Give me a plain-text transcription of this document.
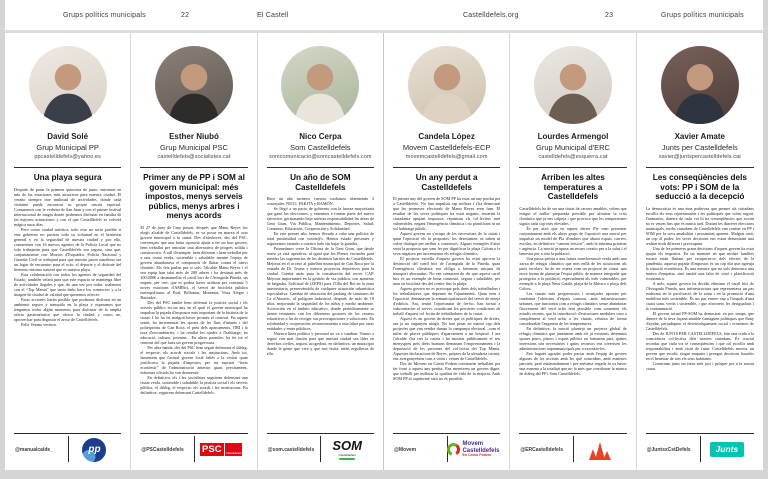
Grups polítics municipals	22	El Castell	Castelldefels.org	23	Grups polítics municipals
David Solé
Grup Municipal PP
ppcastelldefels@yahoo.es
Una playa segura

Después de pasar la primera quincena de junio, entramos en una de las estaciones más atractivas para nuestra ciudad. El verano siempre trae multitud de actividades, donde cada visitante puede encontrar su propio rincón especial. Contaremos con la verbena de San Juan y con el primer festival internacional de magia donde podremos disfrutar en familia de las mejores actuaciones y con el que Castelldefels se volverá mágica unos días.

Pero como ciudad turística, todo esto no sería posible si este gobierno no pusiera toda su voluntad en el bienestar general y en la seguridad de nuestra ciudad y por ello, contaremos con 16 nuevos agentes de la Policía Local que no solo trabajarán para que Castelldefels sea segura, sino que, conjuntamente con Mossos d'Esquadra, Policía Nacional y Guardia Civil se trabajará para que nuestro paseo marítimo sea un lugar de encuentro para el ocio, el deporte y el disfrute del hermoso entorno natural que es nuestra playa.

Esta colaboración con todos los agentes de seguridad del Estado, también velará para que este espacio se mantenga libre de actividades ilegales y que, de una vez por todas, acabemos con el “Top Manta” que tanto daño hace los comercios y a la imagen de ciudad de calidad que queremos ofrecer.

Estas acciones harán posible que podamos disfrutar en un ambiente seguro y tranquilo en la playa y esperamos que tengamos todos algún momento para disfrutar de la amplia oferta gastronómica que ofrece la ciudad y como no, aprovechar para degustar el arroz de Castelldefels.

Feliz Verano vecinos.

@manualcalde_	pp
Esther Niubó
Grup Municipal PSC
castelldefels@socialistes.cat
Primer any de PP i SOM al govern municipal: més impostos, menys serveis públics, menys arbres i menys acords

El 27 de juny de l'any passat, després que Manu Reyes fos elegit alcalde de Castelldefels, es va posar en marxa el nou govern municipal a la ciutat. Des d'aleshores, des del PSC, convençuts que una bona oposició ajuda a fer un bon govern, hem treballat per articular una alternativa de progrés sòlida i constructiva. A tall d'exemple, hem defensat i hem treballat per a una ciutat verda, sostenible i saludable mentre l'equip de govern abandonava el compromís de lluitar contra el canvi climàtic. Els fets parlen per si sols: l'alcalde Manu Reyes i el seu equip han talat més de 200 arbres i ha destinat més de 100.000€ a desmantellar el carril bici de l'Avinguda Pineda, un import, per cert, que es podria haver utilitzat per construir 5 noves estacions d'AMBici, el servei de bicicleta pública metropolitana, al Poal, Bellamar, Montmar, Vista Alegre i Baixador.

Des del PSC també hem defensat la justícia social i els serveis públics en un any en el qual el govern municipal ha impulsat la pujada d'impostos més important de la història de la ciutat. I ho ha fet malgrat haver promès el contrari. En aquest sentit, ha incrementat les quotes de les llars d'infants i del poliesportiu de Can Roca, el preu dels aparcaments, l'IBI i la taxa d'escombraries, i ha retallat les ajudes a l'habitatge, en educació, cultura, joventut... En altres paraules: ha fet tot el contrari del que faria un govern progressista.

Per altra banda, des del PSC hem seguit defensant el diàleg, el respecte, els acords socials i les institucions. Amb tot, lamentem que l'actual govern local faltés a la veritat quan justificava la pujada d'impostos per un suposat “forat econòmic” de l'administració anterior quan, precisament, informes oficials ho van desmentir.

En definitiva, els i les socialistes seguirem defensant una ciutat verda, sostenible i saludable, la justícia social i els serveis públics, el diàleg, el respecte, els acords i les institucions. En definitiva: seguirem defensant Castelldefels.

@PSCastelldefels	PSC	Castelldefels
Nico Cerpa
Som Castelldefels
somcomunicacio@somcastelldefels.com
Un año de SOM Castelldefels

Hace un año tuvimos vuestra confianza obteniendo 3 concejales. NICO, PAKITA y RAMÓN.

Se llegó a un pacto de gobierno con la fuerza mayoritaria que ganó las elecciones, y entramos a formar parte del nuevo ejecutivo, gestionando bajo nuestra responsabilidad las áreas de Gent Gran, Via Pública, Mantenimiento, Deportes, Salud, Consumo, Educación, Cooperación y Solidaridad.

En este primer año, hemos llevado a cabo una política de total proximidad con vosotr@s. Hemos estado presentes y seguiremos estando a vuestro lado sin bajar la guardia.

Prometimos crear la Oficina de la Gent Gran, que desde enero ya está operativa, al igual que los Plenos vecinales para atender las sugerencias de los distintos barrios de Castelldefels. Mejoras en el acceso al pabellón municipal de Can Roca por la entrada de Dr. Trueta y nuevos proyectos deportivos para la ciudad. Cuenta atrás para la constitución del tercer CAP. Mejoras importantes en la gestión de vía pública, con aumento de brigadas. Solicitud de (ZEPA) para l'Olla del Rei en la zona universitaria, preservándola de cualquier actuación urbanística especulativa. Cambio de ubicación del parking de camiones de Ca n'Aimeric, al polígono industrial, después de más de 18 años, mejorando la seguridad de los niños y medio ambiente. Activación en el ámbito educativo, donde periódicamente se tienen reuniones con los diferentes gestores de los centros educativos a fin de recoger sus preocupaciones y soluciones. En solidaridad y cooperación, reconocimiento a esta labor por otras entidades y entes públicos.

Nuestra línea política y personal no va a cambiar. Vamos a seguir con más ilusión para que nuestra ciudad sea líder en derechos civiles, segura, acogedora, en definitiva, un municipio donde la gente que vive y que nos visita, estén orgullosos de ella.

@som.castelldefels	SOM
Castelldefels
Candela López
Movem Castelldefels-ECP
movemcastelldefels@gmail.com
Un any perdut a Castelldefels

El primer any del govern de SOM PP ha estat un any perdut per a Castelldefels. No han impulsat cap millora i s'ha demostrat que les promeses electorals de Manu Reyes eren fum. El resultat de les seves polítiques ha estat negatiu, encarint la ciutadania apujant impostos, reprimint els col·lectius més vulnerables, negant l'emergència climàtica i no planificant ni un sol habitatge públic.

Aquest govern no s'ocupa de les necessitats de la ciutat i quan l'oposició els fa propostes, les desestimen: ni saben ni volen dialogar per arribar a consensos. Alguns exemples d'això seria la proposta que vam fer per dignificar la plaça Colom o la seva negativa per incrementar els refugis climàtics.

El projecte estrella d'aquest govern ha estat aprovar la destrucció del carril bici de l'avinguda de la Pineda, quan l'emergència climàtica ens obliga a fomentar mitjans de transport alternatius. No ens cansarem de dir que aquest carril bici és un exemple de bona connexió, segura i saludable, per anar en bicicleta des del centre fins la platja.

Aquest govern no es preocupa pels drets dels treballadors i les treballadores que depenen de l'ajuntament. Quan eren a l'oposició, demanaven la remunicipalització del servei de neteja d'edificis. Ara, tenint l'oportunitat de fer-ho, han tornat a subcontractar el servei, cronificant les precàries condicions de treball d'aquest col·lectiu de treballadores de la ciutat.

Aquest és un govern de dretes que fa polítiques de dretes, ara ja no enganyen ningú. No han posat en marxa cap dels projectes que van vendre durant la campanya electoral –com el miler de places públiques d'aparcament o un hospital. I ara l'alcalde s'ha tret la careta i ha mostrat públicament el seu menyspreu pels drets humans demanant l'empresonament i la deportació de les persones del col·lectiu del Top Manta. Aquestes declaracions de Reyes, pròpies de la ultradreta racista, ens avergonyeixen com a veïns i veïnes de Castelldefels.

Des de Movem en Comú Podem continuem treballant per fer front a aquest any perdut. Ens mereixem un govern digne, que treballi per millorar la qualitat de vida de la majoria. Amb SOM PP al capdavant això no és possible.

@Movem
Movem
Castelldefels
En Comú Podem
Lourdes Armengol
Grup Municipal d'ERC
castelldefels@esquerra.cat
Arriben les altes temperatures a Castelldefels

Castelldefels ha de ser una ciutat de carrers amables, volem que estigui el millor preparada possible per afrontar la crisi climàtica que ja ens colpeja i que provoca que les temperatures siguin cada cop més elevades.

És per això que en aquest darrer Ple vam presentar conjuntament amb els altres grups de l'oposició una moció per impulsar un model de Pla d'ombres que abasti espais, carrers, escoles, en definitiva “camins frescos”, amb la màxima prioritat i urgència. La moció proposa un recurs creatiu per a la salut i el benestar per a tota la població.

Una passa prèvia a una futura transformació verda amb una xarxa de refugis climàtics que més enllà de les actuacions als patis escolars, ha de ser estesa com un projecte de ciutat, una nova forma de plantejar l'espai públic de manera integrada que protegeixi a la població, especialment als més vulnerables, per exemple a la plaça Neus Català, plaça de la Música o plaça dels Colors.

Les ciutats més progressistes i avançades aposten per combinar l'obertura d'espais comuns, amb infraestructures urbanes, que funcionin com a refugis climàtics sense abandonar l'increment del verd urbà fent possible com constaten els estudis recents, que la introducció d'estructures modulars com a complement al verd urbà, a les ciutats, rebaixa de forma considerable l'augment de les temperatures.

En definitiva: la moció planteja un projecte global de refugis climàtics que juntament amb els ja existents determini quines parcs, places i espais públics en formaran part, quines inversions són necessàries i quins recursos ens ofereixen les administracions supramunicipals per a executar-les.

Ens hagués agradat poder pactar amb l'equip de govern algunes de les accions amb les què coincidim, amb esmenes parcials, però malauradament i per enèsima vegada hi va haver una esmena a la totalitat que no fa més que corroborar la manca de diàleg del PP i Som Castelldefels.

@ERCastelldefels
Xavier Amate
Junts per Castelldefels
xavier@juntspercastelldefels.cat
Les conseqüències dels vots: PP i SOM de la seducció a la decepció

La democràcia és una eina poderosa que permet als ciutadans escollir els seus representants i les polítiques que volen seguir. Tanmateix, darrere de cada vot hi ha conseqüències que sovint no es veuen fins que és massa tard. Durant les darreres eleccions municipals, molts ciutadans de Castelldefels van confiar en PP i SOM per la seva amabilitat i proximitat aparent. Malgrat això, un cop al poder, les seves decisions ens estan demostrant una realitat molt diferent i preocupant.

Una de les primeres grans decisions d'aquest govern ha estat apujar els impostos. En un moment en què moltes famílies encara estan lluitant per recuperar-se dels efectes de la pandèmia, aquesta pujada d'impostos és un cop dur que agreuja la situació econòmica. És una mesura que no sols demostra una manca d'empatia, sinó també una falta de visió i planificació econòmica.

A més, aquest govern ha decidit eliminar el carril bici de l'Avinguda Pineda, una infraestructura que representava un pas endavant en la pacificació de la zona i en la promoció d'una mobilitat més sostenible. És un pas enrere cap a l'impuls d'una ciutat sana, verda i sostenible, i que afavoreix les desigualtats i la contaminació.

El govern actual PP-SOM ha demostrat, en poc temps, que darrere de la seva façana amable s'amaguen polítiques que lluny d'ajudar, perjudiquen el desenvolupament social i econòmic de Castelldefels.

Des de JUNTS PER CASTELLDEFELS, fem una crida a la consciència col·lectiva dels nostres ciutadans. És crucial recordar que cada vot té conseqüències i que cal escollir amb responsabilitat i amb visió de futur. Castelldefels mereix un govern que escolti, tingui empatia i prengui decisions basades en el benestar de tots els seus habitants.

Construïm junts un futur més just i pròsper per a la nostra ciutat.

@JuntsxCstDefels	Junts
